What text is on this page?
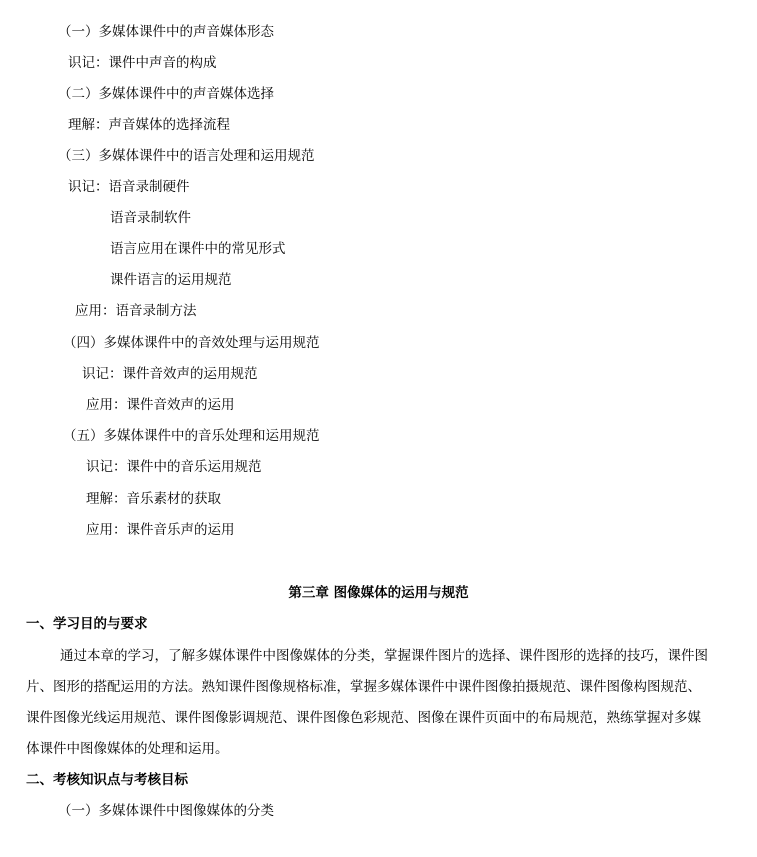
（一）多媒体课件中的声音媒体形态
识记：课件中声音的构成
（二）多媒体课件中的声音媒体选择
理解：声音媒体的选择流程
（三）多媒体课件中的语言处理和运用规范
识记：语音录制硬件
语音录制软件
语言应用在课件中的常见形式
课件语言的运用规范
应用：语音录制方法
（四）多媒体课件中的音效处理与运用规范
识记：课件音效声的运用规范
应用：课件音效声的运用
（五）多媒体课件中的音乐处理和运用规范
识记：课件中的音乐运用规范
理解：音乐素材的获取
应用：课件音乐声的运用
第三章 图像媒体的运用与规范
一、学习目的与要求
通过本章的学习，了解多媒体课件中图像媒体的分类，掌握课件图片的选择、课件图形的选择的技巧，课件图
片、图形的搭配运用的方法。熟知课件图像规格标准，掌握多媒体课件中课件图像拍摄规范、课件图像构图规范、
课件图像光线运用规范、课件图像影调规范、课件图像色彩规范、图像在课件页面中的布局规范，熟练掌握对多媒
体课件中图像媒体的处理和运用。
二、考核知识点与考核目标
（一）多媒体课件中图像媒体的分类
